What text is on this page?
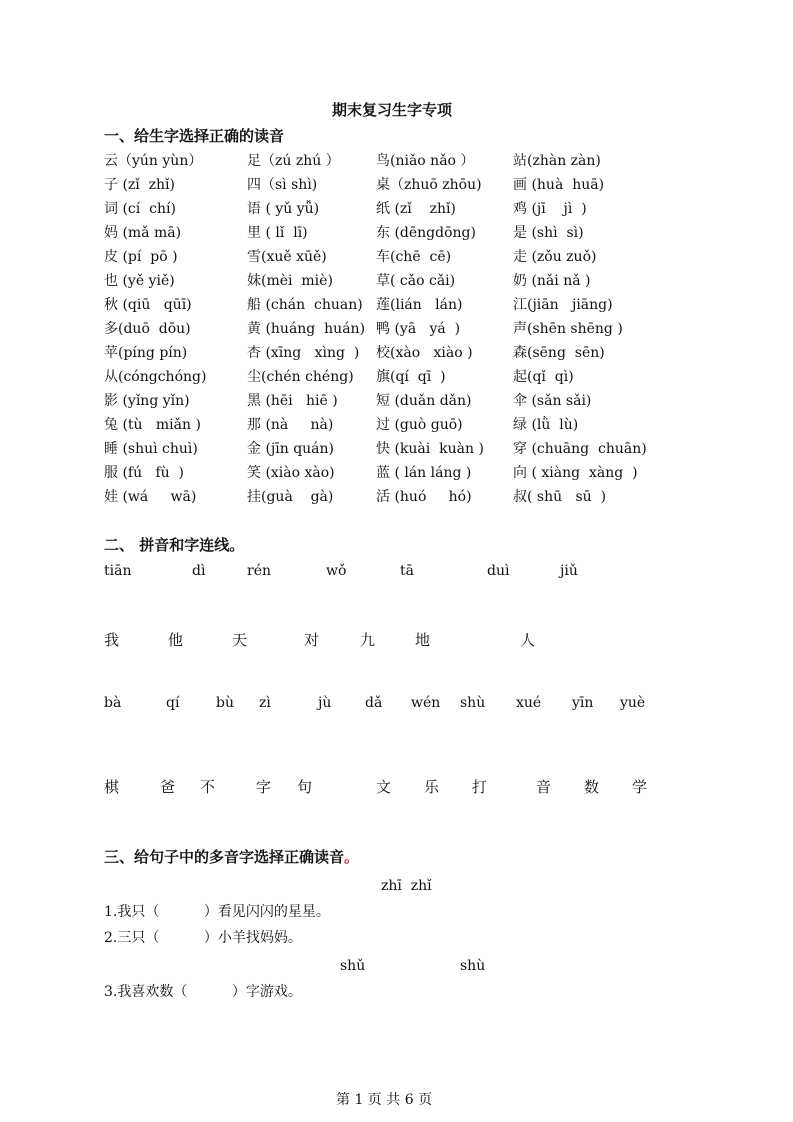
期末复习生字专项
一、给生字选择正确的读音
云（yún yùn）	足（zú zhú ）	鸟(niǎo nǎo ）	站(zhàn zàn)
子 (zǐ  zhǐ)	四（sì shì)	桌（zhuō zhōu) 画 (huà  huā)
词 (cí  chí)	语 ( yǔ yǚ)	纸 (zǐ    zhǐ)	鸡 (jī    jì  )
妈 (mǎ mā)	里 ( lǐ  lī)	东 (dēngdōng)	是 (shì  sì)
皮 (pí  pō )	雪(xuě xūě)	车(chē  cē)	走 (zǒu zuǒ)
也 (yě yiě)	妹(mèi  miè)	草( cǎo cǎi)	奶 (nǎi nǎ )
秋 (qiū   qūī)	船 (chán  chuan) 莲(lián   lán)	江(jiān   jiāng)
多(duō  dōu)	黄 (huáng  huán) 鸭 (yā   yá  )	声(shēn shēng )
苹(píng pín)	杏 (xīng   xìng  ) 校(xào   xiào )	森(sēng  sēn)
从(cóngchóng)	尘(chén chéng) 旗(qí  qī  )	起(qǐ  qì)
影 (yǐng yǐn)	黑 (hēi   hiē )	短 (duǎn dǎn)	伞 (sǎn sǎi)
兔 (tù   miǎn )	那 (nà     nà)	过 (guò guō)	绿 (lǜ  lù)
睡 (shuì chuì)	金 (jīn quán)	快 (kuài  kuàn ) 穿 (chuāng  chuān)
服 (fú   fù  )	笑 (xiào xào)	蓝 ( lán láng )	向 ( xiàng  xàng  )
娃 (wá     wā)	挂(guà    gà)	活 (huó     hó)	叔( shū   sū  )
二、 拼音和字连线。
tiān	dì	rén	wǒ	tā	duì	jiǔ
我	他	天	对	九	地	人
bà	qí	bù zì	jù dǎ wén shù xué yīn yuè
棋	爸 不	字 句	文 乐 打	音 数 学
三、给句子中的多音字选择正确读音。
zhī  zhǐ
1.我只（          ）看见闪闪的星星。
2.三只（          ）小羊找妈妈。
shǔ	shù
3.我喜欢数（          ）字游戏。
第 1 页 共 6 页
